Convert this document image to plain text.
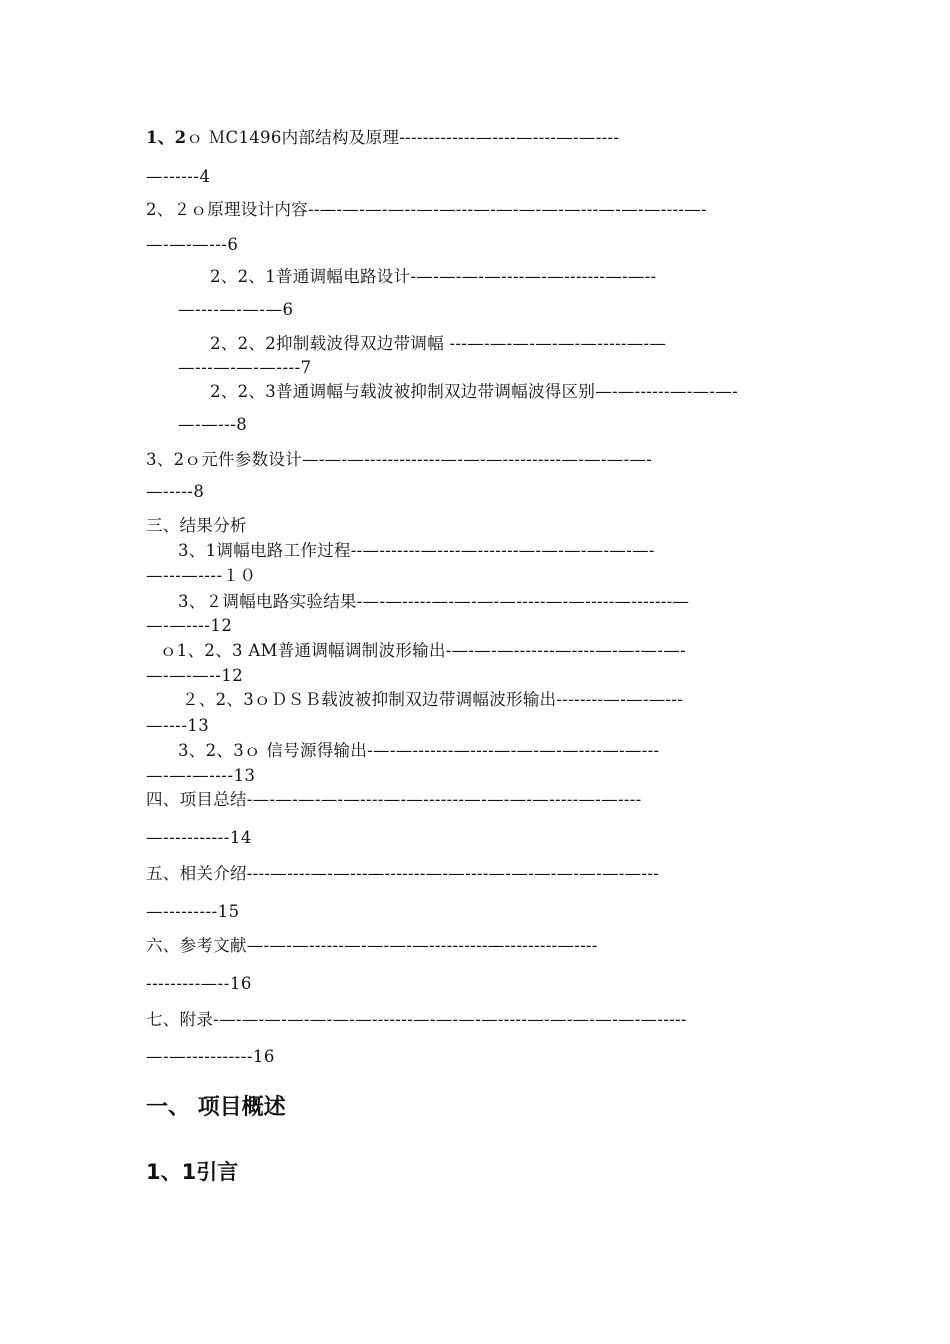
1、2ｏ ＭC1496内部结构及原理-------------—----—----—-—----
—------4
2、２ｏ原理设计内容--—-—-—-—--—-—---—-—-—-—-—---—-—-—----—-
—-—-—---6
2、2、1普通调幅电路设计-—-—-—-—----—-—-------—-—--
—----—-—-—6
2、2、2抑制载波得双边带调幅 ---—-—-—-—-—-—-----—-—
—---—-—-—----7
2、2、3普通调幅与载波被抑制双边带调幅波得区别—-—------—-—-—-
—-—---8
3、2ｏ元件参数设计—-—-—-------------—-—-—----------—-—-—-—-
—-----8
三、结果分析
3、1调幅电路工作过程--—-------—----—-------—-—-—-—-—-—-
—---—----１０
3、２调幅电路实验结果-—-—-----—-—-—-—-----—-—-----—-------—
—-—----12
ｏ1、2、3 AM普通调幅调制波形输出-—-—-—-------—----—-—-—-—-
—-—-—--12
２、2、3ｏＤＳＢ载波被抑制双边带调幅波形输出--------—-—-—---
—----13
3、2、3ｏ 信号源得输出-—-—-------—----—-—-—-—----—-—---
—-—-—----13
四、项目总结-—-—-—-—-—----—-—-------—-—-—-—-----—-—----
—-----------14
五、相关介绍----—----—-—---—-------—-—----—-—-—-—-—-—-—---
—---------15
六、参考文献—-—-—------—-—-—-—----------—---------—----
---------—--16
七、附录-—-—-—-—-—-—-—-------—-—-—-—-----—-—-—-—-—-—-----
—-—-----------16
一、 项目概述
1、1引言
